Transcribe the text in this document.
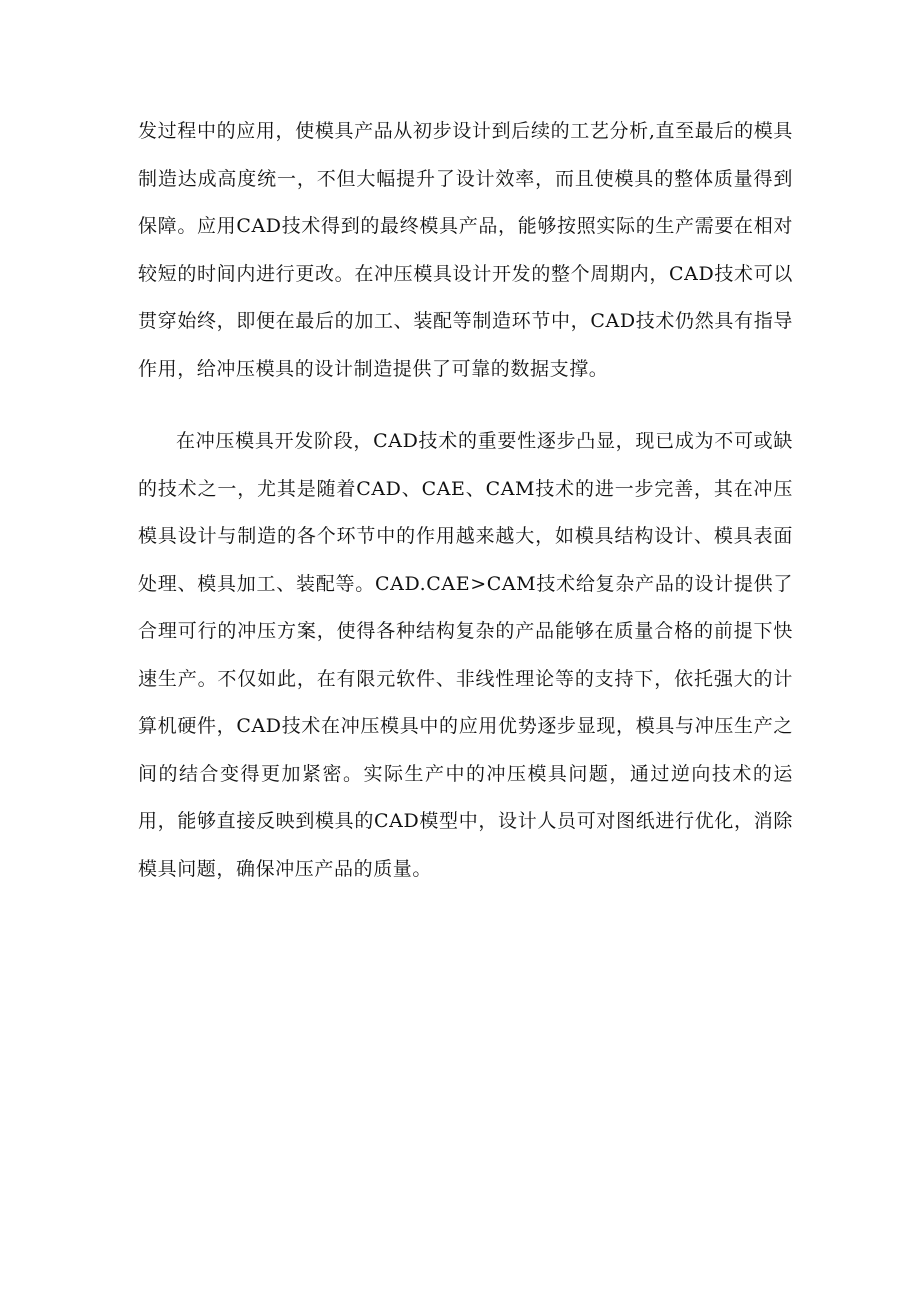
发过程中的应用，使模具产品从初步设计到后续的工艺分析,直至最后的模具制造达成高度统一，不但大幅提升了设计效率，而且使模具的整体质量得到保障。应用CAD技术得到的最终模具产品，能够按照实际的生产需要在相对较短的时间内进行更改。在冲压模具设计开发的整个周期内，CAD技术可以贯穿始终，即便在最后的加工、装配等制造环节中，CAD技术仍然具有指导作用，给冲压模具的设计制造提供了可靠的数据支撑。

在冲压模具开发阶段，CAD技术的重要性逐步凸显，现已成为不可或缺的技术之一，尤其是随着CAD、CAE、CAM技术的进一步完善，其在冲压模具设计与制造的各个环节中的作用越来越大，如模具结构设计、模具表面处理、模具加工、装配等。CAD.CAE>CAM技术给复杂产品的设计提供了合理可行的冲压方案，使得各种结构复杂的产品能够在质量合格的前提下快速生产。不仅如此，在有限元软件、非线性理论等的支持下，依托强大的计算机硬件，CAD技术在冲压模具中的应用优势逐步显现，模具与冲压生产之间的结合变得更加紧密。实际生产中的冲压模具问题，通过逆向技术的运用，能够直接反映到模具的CAD模型中，设计人员可对图纸进行优化，消除模具问题，确保冲压产品的质量。
